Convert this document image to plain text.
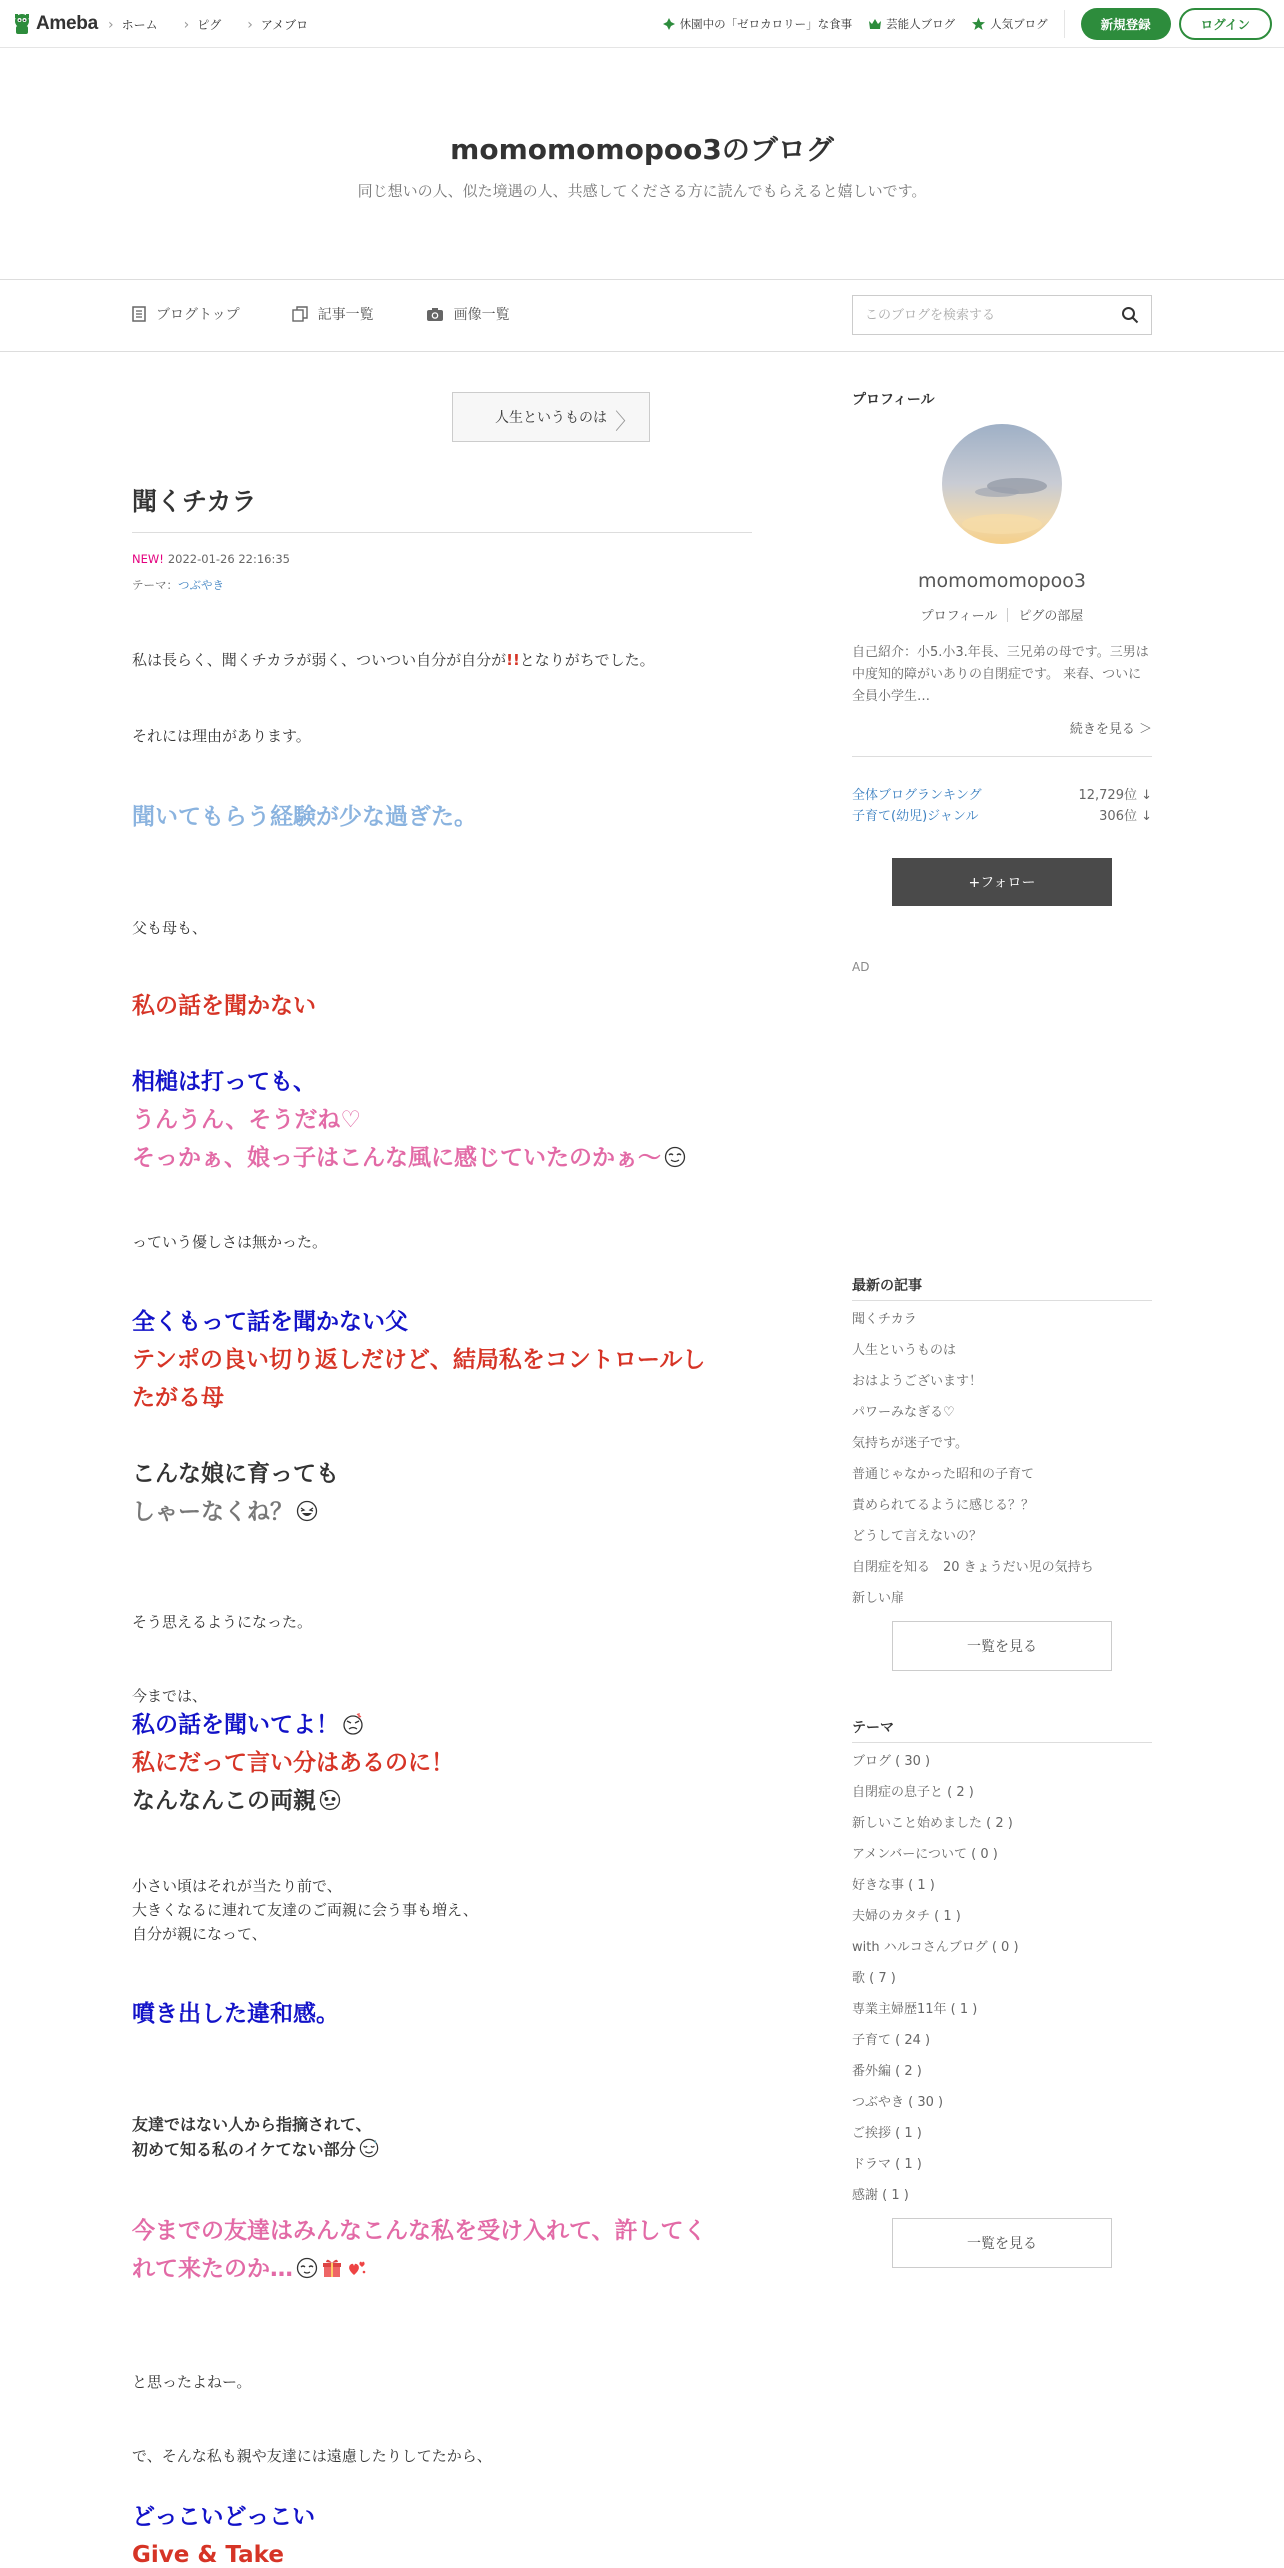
Ameba	› ホーム	› ピグ	› アメブロ	休園中の「ゼロカロリー」な食事	芸能人ブログ	人気ブログ	新規登録	ログイン
momomomopoo3のブログ
同じ想いの人、似た境遇の人、共感してくださる方に読んでもらえると嬉しいです。
ブログトップ	記事一覧	画像一覧
このブログを検索する
人生というものは 〉
聞くチカラ
NEW! 2022-01-26 22:16:35
テーマ：つぶやき
私は長らく、聞くチカラが弱く、ついつい自分が自分が!!となりがちでした。
それには理由があります。
聞いてもらう経験が少な過ぎた。
父も母も、
私の話を聞かない
相槌は打っても、
うんうん、そうだね♡
そっかぁ、娘っ子はこんな風に感じていたのかぁ〜
っていう優しさは無かった。
全くもって話を聞かない父
テンポの良い切り返しだけど、結局私をコントロールし
たがる母
こんな娘に育っても
しゃーなくね？
そう思えるようになった。
今までは、
私の話を聞いてよ！
私にだって言い分はあるのに！
なんなんこの両親
小さい頃はそれが当たり前で、
大きくなるに連れて友達のご両親に会う事も増え、
自分が親になって、
噴き出した違和感。
友達ではない人から指摘されて、
初めて知る私のイケてない部分
今までの友達はみんなこんな私を受け入れて、許してく
れて来たのか…
と思ったよねー。
で、そんな私も親や友達には遠慮したりしてたから、
どっこいどっこい
Give & Take
プロフィール
momomomopoo3
プロフィール ピグの部屋
自己紹介：小5.小3.年長、三兄弟の母です。三男は中度知的障がいありの自閉症です。 来春、ついに全員小学生…
続きを見る ＞
全体ブログランキング	12,729位 ↓
子育て(幼児)ジャンル	306位 ↓
+フォロー
AD
最新の記事
聞くチカラ
人生というものは
おはようございます！
パワーみなぎる♡
気持ちが迷子です。
普通じゃなかった昭和の子育て
責められてるように感じる？？
どうして言えないの？
自閉症を知る　20 きょうだい児の気持ち
新しい扉
一覧を見る
テーマ
ブログ ( 30 )
自閉症の息子と ( 2 )
新しいこと始めました ( 2 )
アメンバーについて ( 0 )
好きな事 ( 1 )
夫婦のカタチ ( 1 )
with ハルコさんブログ ( 0 )
歌 ( 7 )
専業主婦歴11年 ( 1 )
子育て ( 24 )
番外編 ( 2 )
つぶやき ( 30 )
ご挨拶 ( 1 )
ドラマ ( 1 )
感謝 ( 1 )
一覧を見る
